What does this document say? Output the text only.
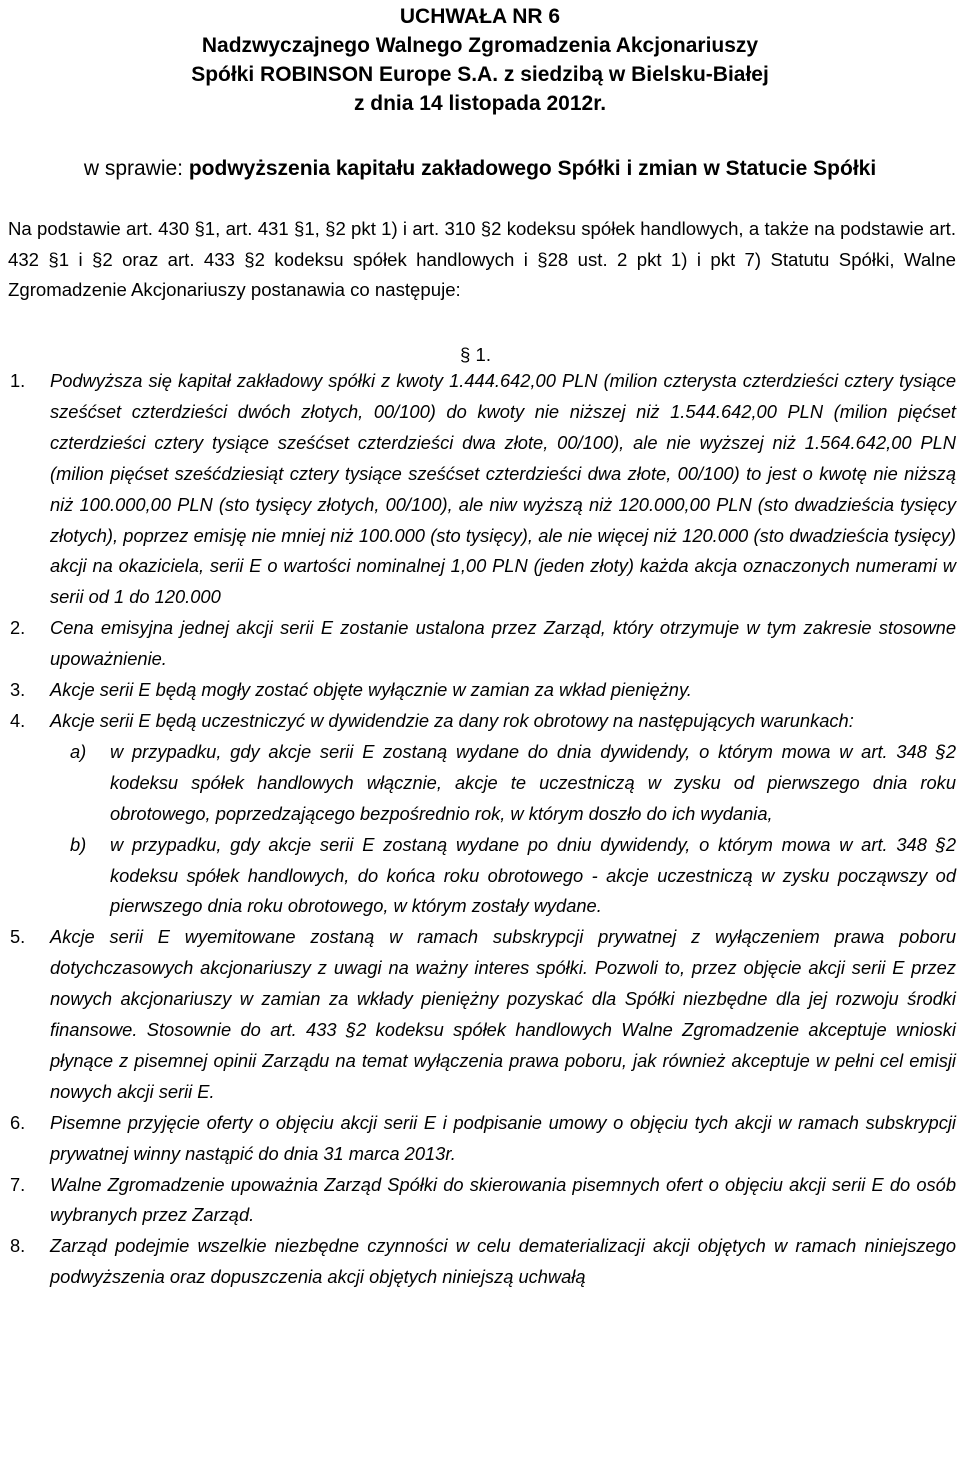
UCHWAŁA NR 6
Nadzwyczajnego Walnego Zgromadzenia Akcjonariuszy
Spółki ROBINSON Europe S.A. z siedzibą w Bielsku-Białej
z dnia 14 listopada 2012r.
w sprawie: podwyższenia kapitału zakładowego Spółki i zmian w Statucie Spółki
Na podstawie art. 430 §1, art. 431 §1, §2 pkt 1) i art. 310 §2 kodeksu spółek handlowych, a także na podstawie art. 432 §1 i §2 oraz art. 433 §2 kodeksu spółek handlowych i §28 ust. 2 pkt 1) i pkt 7) Statutu Spółki, Walne Zgromadzenie Akcjonariuszy postanawia co następuje:
§ 1.
1. Podwyższa się kapitał zakładowy spółki z kwoty 1.444.642,00 PLN (milion czterysta czterdzieści cztery tysiące sześćset czterdzieści dwóch złotych, 00/100) do kwoty nie niższej niż 1.544.642,00 PLN (milion pięćset czterdzieści cztery tysiące sześćset czterdzieści dwa złote, 00/100), ale nie wyższej niż 1.564.642,00 PLN (milion pięćset sześćdziesiąt cztery tysiące sześćset czterdzieści dwa złote, 00/100) to jest o kwotę nie niższą niż 100.000,00 PLN (sto tysięcy złotych, 00/100), ale niw wyższą niż 120.000,00 PLN (sto dwadzieścia tysięcy złotych), poprzez emisję nie mniej niż 100.000 (sto tysięcy), ale nie więcej niż 120.000 (sto dwadzieścia tysięcy) akcji na okaziciela, serii E o wartości nominalnej 1,00 PLN (jeden złoty) każda akcja oznaczonych numerami w serii od 1 do 120.000
2. Cena emisyjna jednej akcji serii E zostanie ustalona przez Zarząd, który otrzymuje w tym zakresie stosowne upoważnienie.
3. Akcje serii E będą mogły zostać objęte wyłącznie w zamian za wkład pieniężny.
4. Akcje serii E będą uczestniczyć w dywidendzie za dany rok obrotowy na następujących warunkach:
a) w przypadku, gdy akcje serii E zostaną wydane do dnia dywidendy, o którym mowa w art. 348 §2 kodeksu spółek handlowych włącznie, akcje te uczestniczą w zysku od pierwszego dnia roku obrotowego, poprzedzającego bezpośrednio rok, w którym doszło do ich wydania,
b) w przypadku, gdy akcje serii E zostaną wydane po dniu dywidendy, o którym mowa w art. 348 §2 kodeksu spółek handlowych, do końca roku obrotowego - akcje uczestniczą w zysku począwszy od pierwszego dnia roku obrotowego, w którym zostały wydane.
5. Akcje serii E wyemitowane zostaną w ramach subskrypcji prywatnej z wyłączeniem prawa poboru dotychczasowych akcjonariuszy z uwagi na ważny interes spółki. Pozwoli to, przez objęcie akcji serii E przez nowych akcjonariuszy w zamian za wkłady pieniężny pozyskać dla Spółki niezbędne dla jej rozwoju środki finansowe. Stosownie do art. 433 §2 kodeksu spółek handlowych Walne Zgromadzenie akceptuje wnioski płynące z pisemnej opinii Zarządu na temat wyłączenia prawa poboru, jak również akceptuje w pełni cel emisji nowych akcji serii E.
6. Pisemne przyjęcie oferty o objęciu akcji serii E i podpisanie umowy o objęciu tych akcji w ramach subskrypcji prywatnej winny nastąpić do dnia 31 marca 2013r.
7. Walne Zgromadzenie upoważnia Zarząd Spółki do skierowania pisemnych ofert o objęciu akcji serii E do osób wybranych przez Zarząd.
8. Zarząd podejmie wszelkie niezbędne czynności w celu dematerializacji akcji objętych w ramach niniejszego podwyższenia oraz dopuszczenia akcji objętych niniejszą uchwałą
